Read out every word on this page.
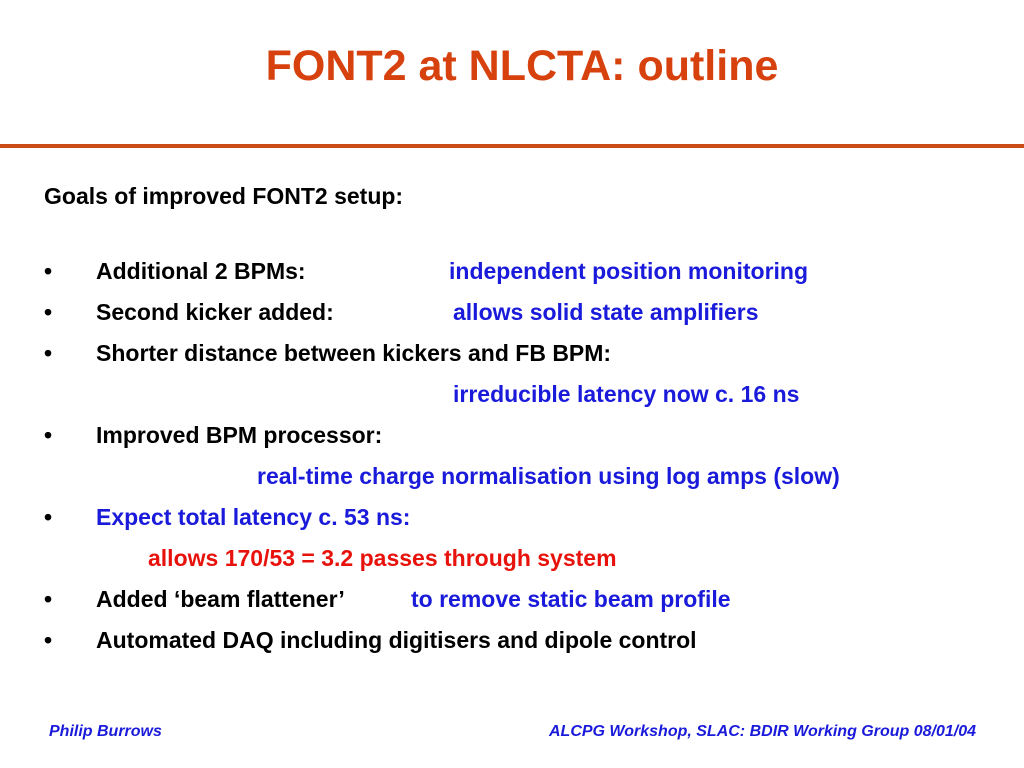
FONT2 at NLCTA: outline
Goals of improved FONT2 setup:
• Additional 2 BPMs:	independent position monitoring
• Second kicker added:	allows solid state amplifiers
• Shorter distance between kickers and FB BPM:
irreducible latency now c. 16 ns
• Improved BPM processor:
real-time charge normalisation using log amps (slow)
• Expect total latency c. 53 ns:
allows 170/53 = 3.2 passes through system
• Added ‘beam flattener’	to remove static beam profile
• Automated DAQ including digitisers and dipole control
Philip Burrows	ALCPG Workshop, SLAC: BDIR Working Group 08/01/04
